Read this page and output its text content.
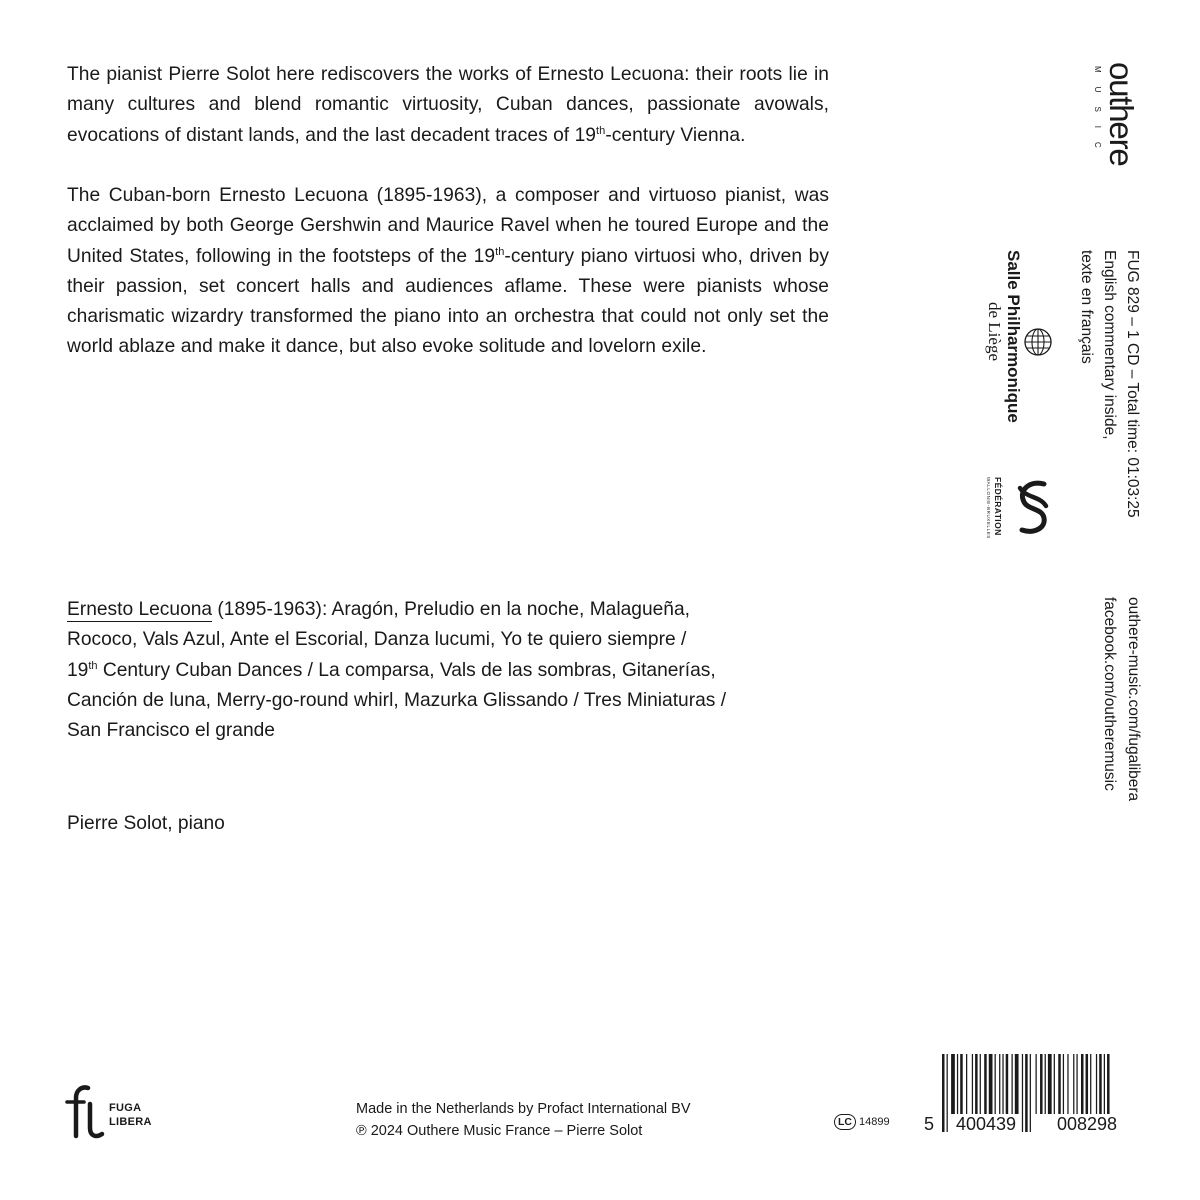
The pianist Pierre Solot here rediscovers the works of Ernesto Lecuona: their roots lie in many cultures and blend romantic virtuosity, Cuban dances, passionate avowals, evocations of distant lands, and the last decadent traces of 19th-century Vienna.

The Cuban-born Ernesto Lecuona (1895-1963), a composer and virtuoso pianist, was acclaimed by both George Gershwin and Maurice Ravel when he toured Europe and the United States, following in the footsteps of the 19th-century piano virtuosi who, driven by their passion, set concert halls and audiences aflame. These were pianists whose charismatic wizardry transformed the piano into an orchestra that could not only set the world ablaze and make it dance, but also evoke solitude and lovelorn exile.

Ernesto Lecuona (1895-1963): Aragón, Preludio en la noche, Malagueña,
Rococo, Vals Azul, Ante el Escorial, Danza lucumi, Yo te quiero siempre /
19th Century Cuban Dances / La comparsa, Vals de las sombras, Gitanerías,
Canción de luna, Merry-go-round whirl, Mazurka Glissando / Tres Miniaturas /
San Francisco el grande

Pierre Solot, piano

outhere
MUSIC
FUG 829 – 1 CD – Total time: 01:03:25
English commentary inside,
texte en français
Salle Philharmonique
de Liège
FÉDÉRATION
WALLONIE-BRUXELLES
outhere-music.com/fugalibera
facebook.com/outheremusic
FUGA
LIBERA
Made in the Netherlands by Profact International BV
℗ 2024 Outhere Music France – Pierre Solot
LC 14899 5 400439 008298
